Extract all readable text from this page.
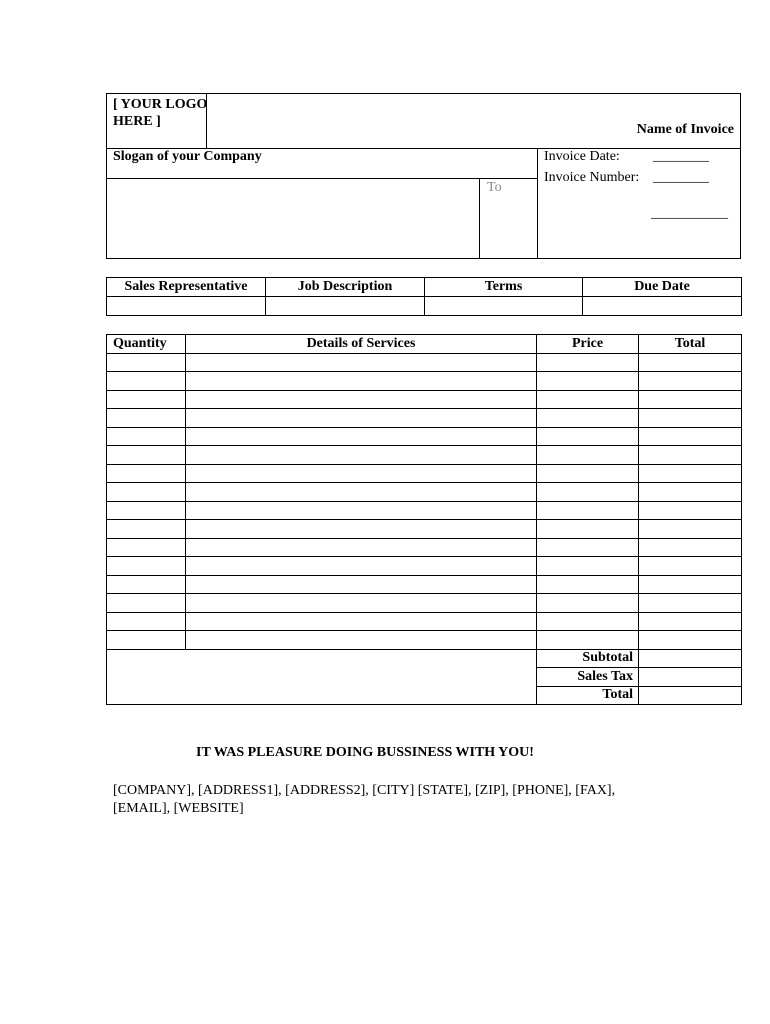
[ YOUR LOGO HERE ]
Name of Invoice
Slogan of your Company
To
Invoice Date: ________
Invoice Number: ________
___________
Sales Representative	Job Description	Terms	Due Date

Quantity	Details of Services	Price	Total

		Subtotal	
		Sales Tax	
		Total	
IT WAS PLEASURE DOING BUSSINESS WITH YOU!
[COMPANY], [ADDRESS1], [ADDRESS2], [CITY] [STATE], [ZIP], [PHONE], [FAX], [EMAIL], [WEBSITE]
